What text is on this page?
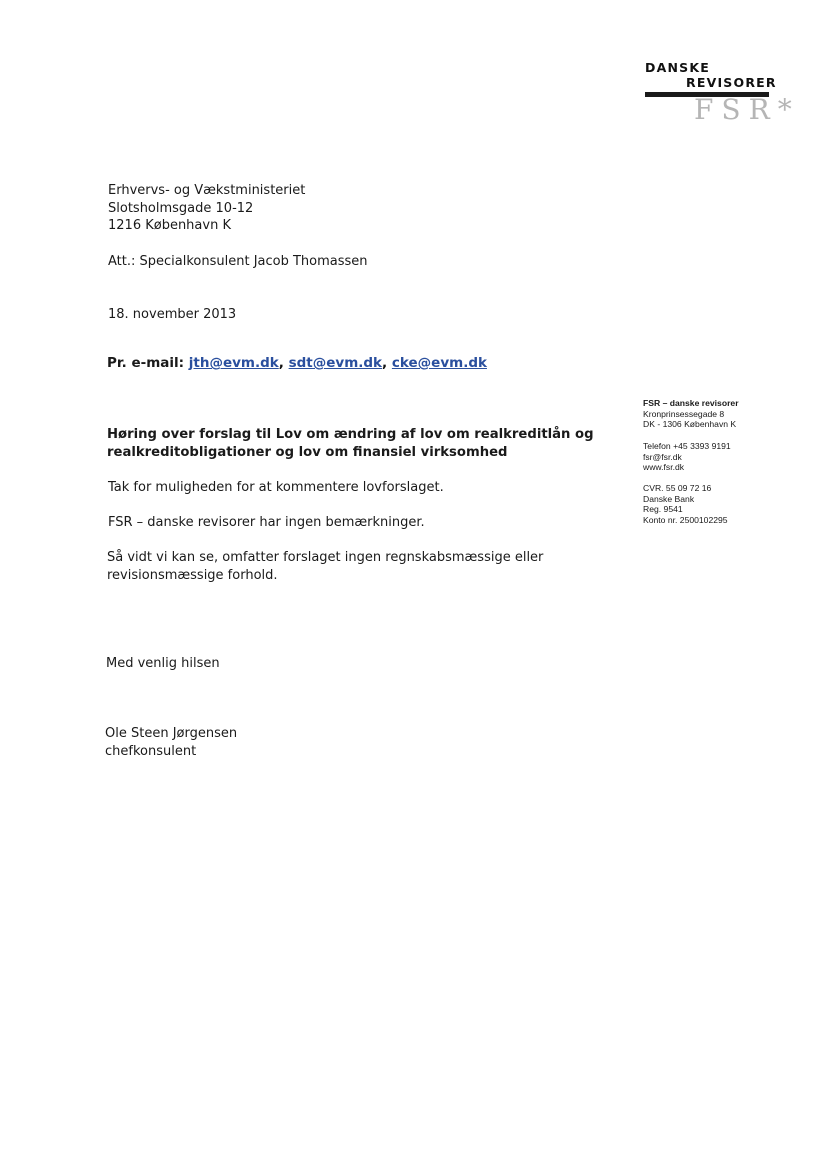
DANSKE
REVISORER
FSR*
Erhvervs- og Vækstministeriet
Slotsholmsgade 10-12
1216 København K
Att.: Specialkonsulent Jacob Thomassen
18. november 2013
Pr. e-mail: jth@evm.dk, sdt@evm.dk, cke@evm.dk
Høring over forslag til Lov om ændring af lov om realkreditlån og
realkreditobligationer og lov om finansiel virksomhed
Tak for muligheden for at kommentere lovforslaget.
FSR – danske revisorer har ingen bemærkninger.
Så vidt vi kan se, omfatter forslaget ingen regnskabsmæssige eller
revisionsmæssige forhold.
Med venlig hilsen
Ole Steen Jørgensen
chefkonsulent
FSR – danske revisorer
Kronprinsessegade 8
DK - 1306 København K
Telefon +45 3393 9191
fsr@fsr.dk
www.fsr.dk
CVR. 55 09 72 16
Danske Bank
Reg. 9541
Konto nr. 2500102295
